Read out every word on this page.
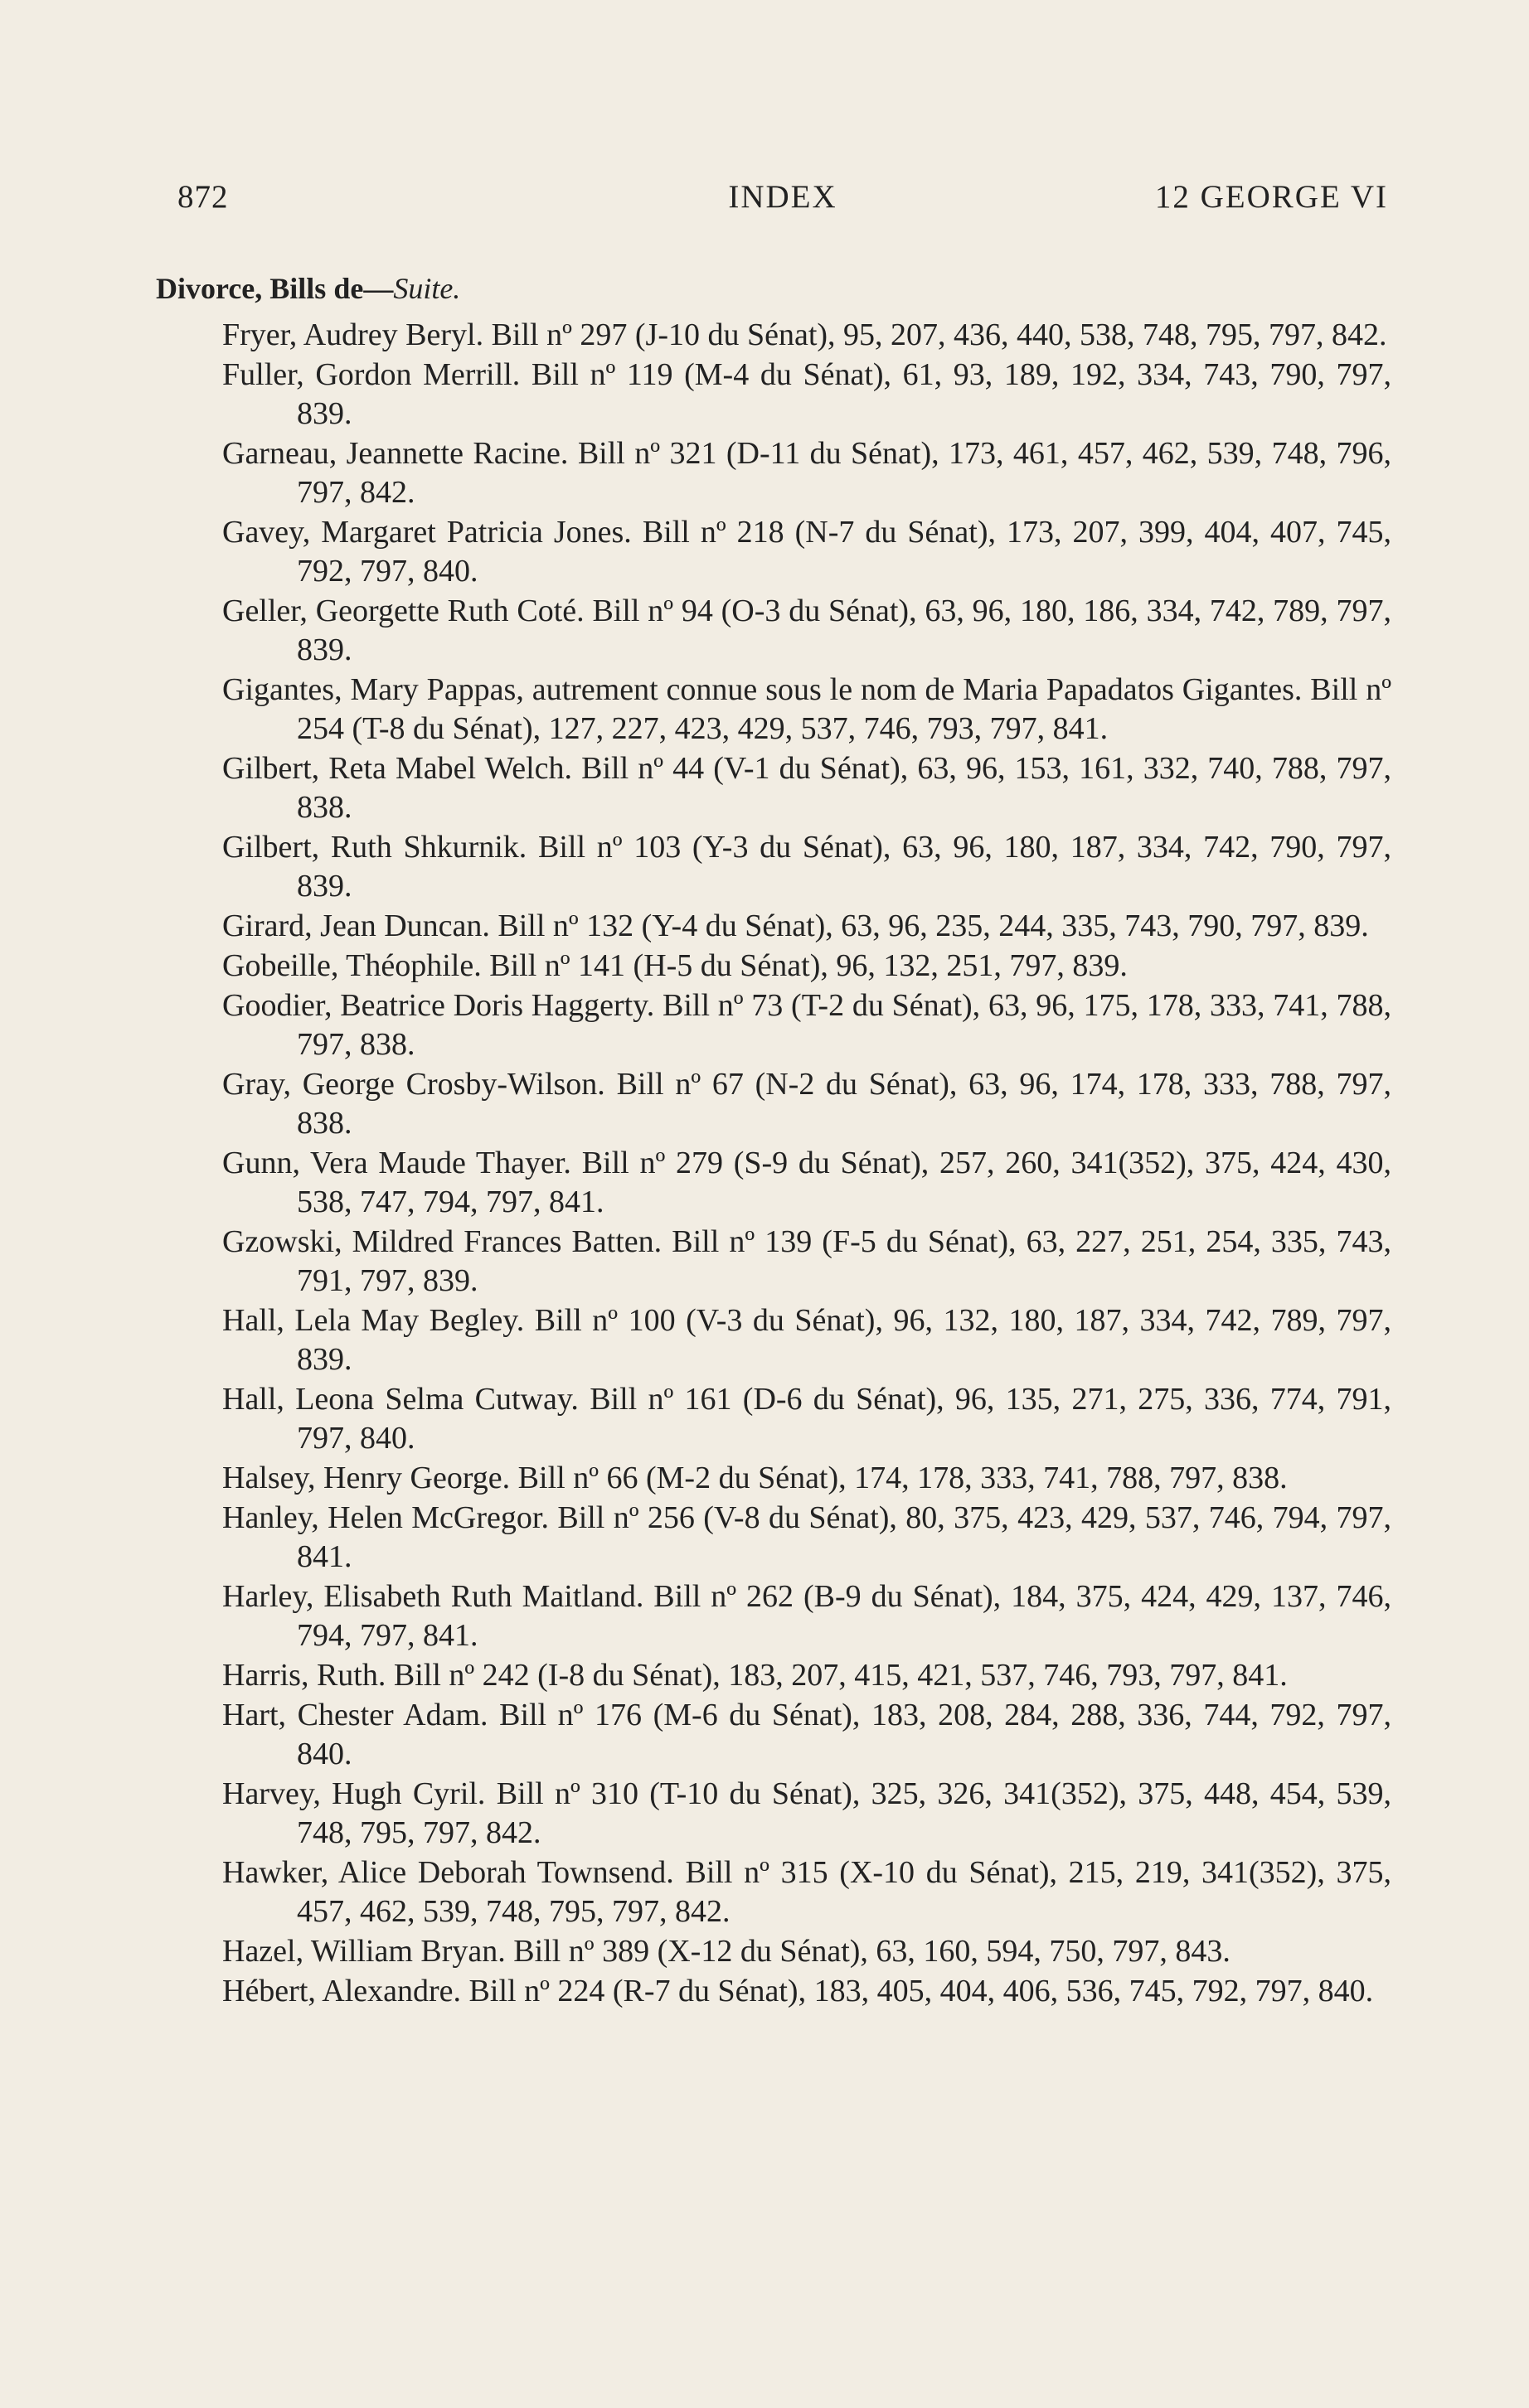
872	INDEX	12 GEORGE VI
Divorce, Bills de—Suite.
Fryer, Audrey Beryl. Bill nº 297 (J-10 du Sénat), 95, 207, 436, 440, 538, 748, 795, 797, 842.
Fuller, Gordon Merrill. Bill nº 119 (M-4 du Sénat), 61, 93, 189, 192, 334, 743, 790, 797, 839.
Garneau, Jeannette Racine. Bill nº 321 (D-11 du Sénat), 173, 461, 457, 462, 539, 748, 796, 797, 842.
Gavey, Margaret Patricia Jones. Bill nº 218 (N-7 du Sénat), 173, 207, 399, 404, 407, 745, 792, 797, 840.
Geller, Georgette Ruth Coté. Bill nº 94 (O-3 du Sénat), 63, 96, 180, 186, 334, 742, 789, 797, 839.
Gigantes, Mary Pappas, autrement connue sous le nom de Maria Papadatos Gigantes. Bill nº 254 (T-8 du Sénat), 127, 227, 423, 429, 537, 746, 793, 797, 841.
Gilbert, Reta Mabel Welch. Bill nº 44 (V-1 du Sénat), 63, 96, 153, 161, 332, 740, 788, 797, 838.
Gilbert, Ruth Shkurnik. Bill nº 103 (Y-3 du Sénat), 63, 96, 180, 187, 334, 742, 790, 797, 839.
Girard, Jean Duncan. Bill nº 132 (Y-4 du Sénat), 63, 96, 235, 244, 335, 743, 790, 797, 839.
Gobeille, Théophile. Bill nº 141 (H-5 du Sénat), 96, 132, 251, 797, 839.
Goodier, Beatrice Doris Haggerty. Bill nº 73 (T-2 du Sénat), 63, 96, 175, 178, 333, 741, 788, 797, 838.
Gray, George Crosby-Wilson. Bill nº 67 (N-2 du Sénat), 63, 96, 174, 178, 333, 788, 797, 838.
Gunn, Vera Maude Thayer. Bill nº 279 (S-9 du Sénat), 257, 260, 341(352), 375, 424, 430, 538, 747, 794, 797, 841.
Gzowski, Mildred Frances Batten. Bill nº 139 (F-5 du Sénat), 63, 227, 251, 254, 335, 743, 791, 797, 839.
Hall, Lela May Begley. Bill nº 100 (V-3 du Sénat), 96, 132, 180, 187, 334, 742, 789, 797, 839.
Hall, Leona Selma Cutway. Bill nº 161 (D-6 du Sénat), 96, 135, 271, 275, 336, 774, 791, 797, 840.
Halsey, Henry George. Bill nº 66 (M-2 du Sénat), 174, 178, 333, 741, 788, 797, 838.
Hanley, Helen McGregor. Bill nº 256 (V-8 du Sénat), 80, 375, 423, 429, 537, 746, 794, 797, 841.
Harley, Elisabeth Ruth Maitland. Bill nº 262 (B-9 du Sénat), 184, 375, 424, 429, 137, 746, 794, 797, 841.
Harris, Ruth. Bill nº 242 (I-8 du Sénat), 183, 207, 415, 421, 537, 746, 793, 797, 841.
Hart, Chester Adam. Bill nº 176 (M-6 du Sénat), 183, 208, 284, 288, 336, 744, 792, 797, 840.
Harvey, Hugh Cyril. Bill nº 310 (T-10 du Sénat), 325, 326, 341(352), 375, 448, 454, 539, 748, 795, 797, 842.
Hawker, Alice Deborah Townsend. Bill nº 315 (X-10 du Sénat), 215, 219, 341(352), 375, 457, 462, 539, 748, 795, 797, 842.
Hazel, William Bryan. Bill nº 389 (X-12 du Sénat), 63, 160, 594, 750, 797, 843.
Hébert, Alexandre. Bill nº 224 (R-7 du Sénat), 183, 405, 404, 406, 536, 745, 792, 797, 840.
